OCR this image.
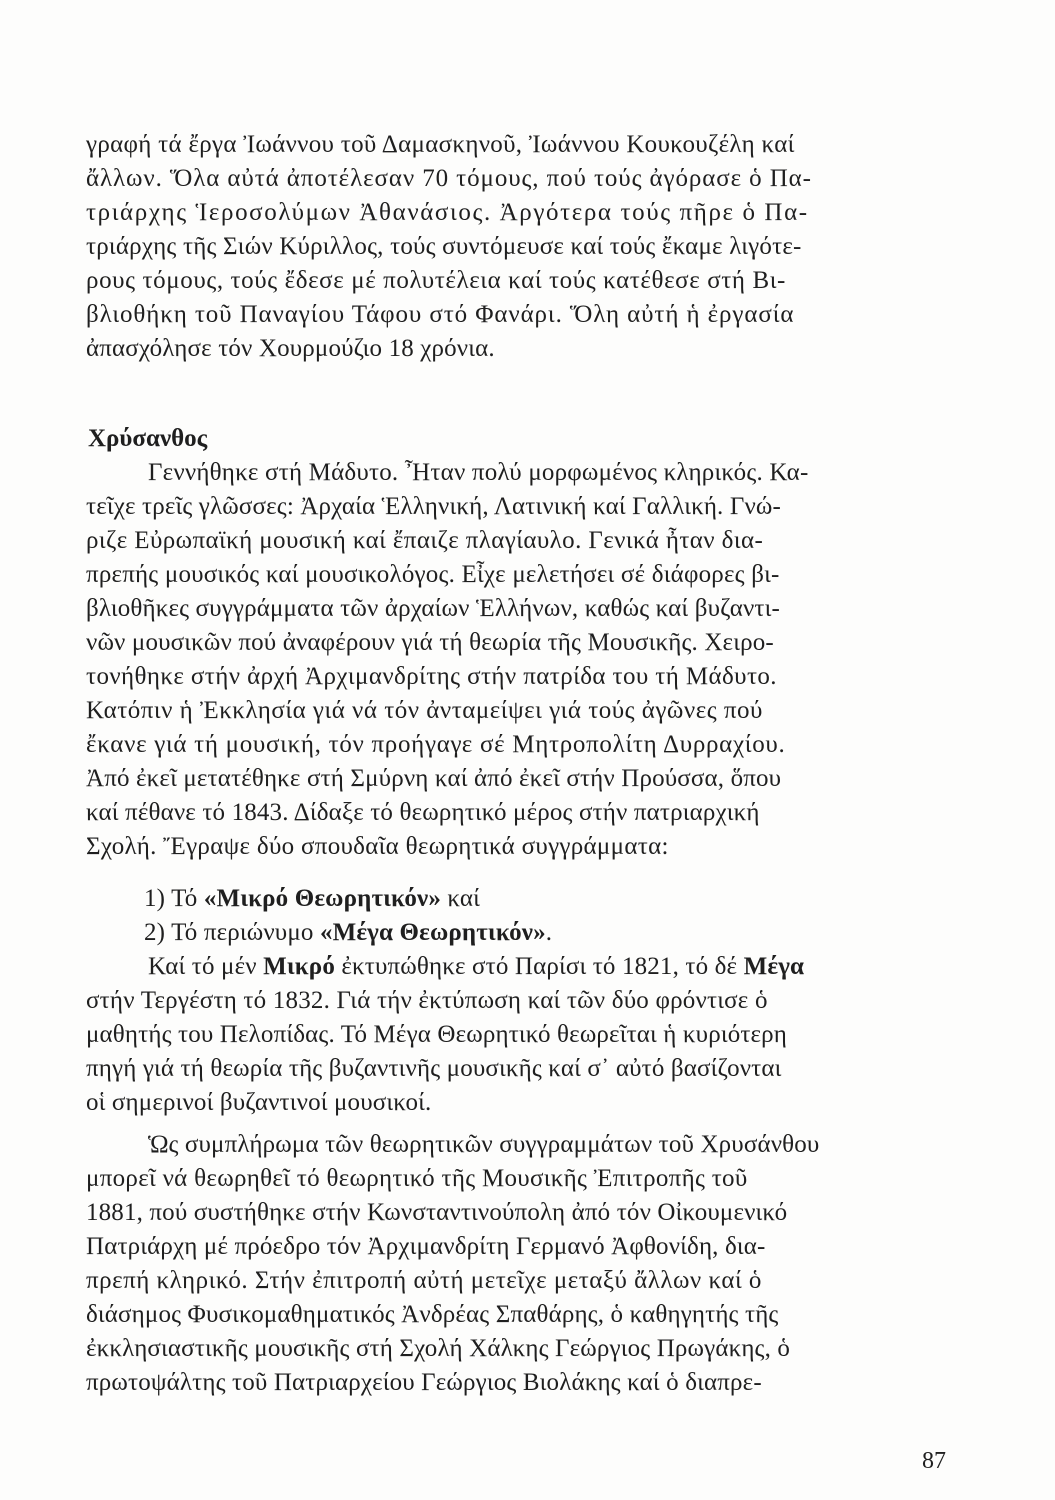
γραφή τά ἔργα Ἰωάννου τοῦ Δαμασκηνοῦ, Ἰωάννου Κουκουζέλη καί
ἄλλων. Ὅλα αὐτά ἀποτέλεσαν 70 τόμους, πού τούς ἀγόρασε ὁ Πα-
τριάρχης Ἱεροσολύμων Ἀθανάσιος. Ἀργότερα τούς πῆρε ὁ Πα-
τριάρχης τῆς Σιών Κύριλλος, τούς συντόμευσε καί τούς ἔκαμε λιγότε-
ρους τόμους, τούς ἔδεσε μέ πολυτέλεια καί τούς κατέθεσε στή Βι-
βλιοθήκη τοῦ Παναγίου Τάφου στό Φανάρι. Ὅλη αὐτή ἡ ἐργασία
ἀπασχόλησε τόν Χουρμούζιο 18 χρόνια.
Χρύσανθος
Γεννήθηκε στή Μάδυτο. Ἦταν πολύ μορφωμένος κληρικός. Κα-
τεῖχε τρεῖς γλῶσσες: Ἀρχαία Ἑλληνική, Λατινική καί Γαλλική. Γνώ-
ριζε Εὐρωπαϊκή μουσική καί ἔπαιζε πλαγίαυλο. Γενικά ἦταν δια-
πρεπής μουσικός καί μουσικολόγος. Εἶχε μελετήσει σέ διάφορες βι-
βλιοθῆκες συγγράμματα τῶν ἀρχαίων Ἑλλήνων, καθώς καί βυζαντι-
νῶν μουσικῶν πού ἀναφέρουν γιά τή θεωρία τῆς Μουσικῆς. Χειρο-
τονήθηκε στήν ἀρχή Ἀρχιμανδρίτης στήν πατρίδα του τή Μάδυτο.
Κατόπιν ἡ Ἐκκλησία γιά νά τόν ἀνταμείψει γιά τούς ἀγῶνες πού
ἔκανε γιά τή μουσική, τόν προήγαγε σέ Μητροπολίτη Δυρραχίου.
Ἀπό ἐκεῖ μετατέθηκε στή Σμύρνη καί ἀπό ἐκεῖ στήν Προύσσα, ὅπου
καί πέθανε τό 1843. Δίδαξε τό θεωρητικό μέρος στήν πατριαρχική
Σχολή. Ἔγραψε δύο σπουδαῖα θεωρητικά συγγράμματα:
1) Τό «Μικρό Θεωρητικόν» καί
2) Τό περιώνυμο «Μέγα Θεωρητικόν».
Καί τό μέν Μικρό ἐκτυπώθηκε στό Παρίσι τό 1821, τό δέ Μέγα
στήν Τεργέστη τό 1832. Γιά τήν ἐκτύπωση καί τῶν δύο φρόντισε ὁ
μαθητής του Πελοπίδας. Τό Μέγα Θεωρητικό θεωρεῖται ἡ κυριότερη
πηγή γιά τή θεωρία τῆς βυζαντινῆς μουσικῆς καί σ᾿ αὐτό βασίζονται
οἱ σημερινοί βυζαντινοί μουσικοί.
Ὡς συμπλήρωμα τῶν θεωρητικῶν συγγραμμάτων τοῦ Χρυσάνθου
μπορεῖ νά θεωρηθεῖ τό θεωρητικό τῆς Μουσικῆς Ἐπιτροπῆς τοῦ
1881, πού συστήθηκε στήν Κωνσταντινούπολη ἀπό τόν Οἰκουμενικό
Πατριάρχη μέ πρόεδρο τόν Ἀρχιμανδρίτη Γερμανό Ἀφθονίδη, δια-
πρεπή κληρικό. Στήν ἐπιτροπή αὐτή μετεῖχε μεταξύ ἄλλων καί ὁ
διάσημος Φυσικομαθηματικός Ἀνδρέας Σπαθάρης, ὁ καθηγητής τῆς
ἐκκλησιαστικῆς μουσικῆς στή Σχολή Χάλκης Γεώργιος Πρωγάκης, ὁ
πρωτοψάλτης τοῦ Πατριαρχείου Γεώργιος Βιολάκης καί ὁ διαπρε-
87
